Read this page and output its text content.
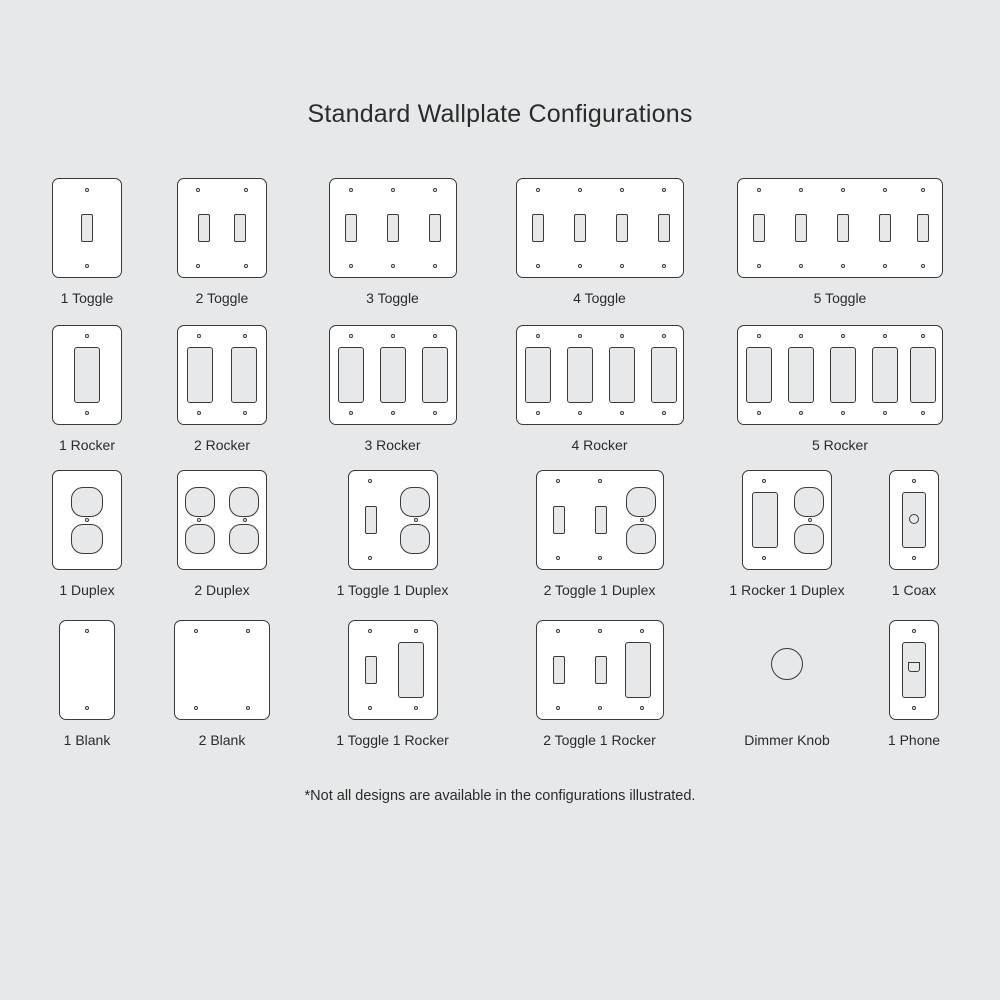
Standard Wallplate Configurations
1 Toggle	2 Toggle	3 Toggle	4 Toggle	5 Toggle
1 Rocker	2 Rocker	3 Rocker	4 Rocker	5 Rocker
1 Duplex	2 Duplex	1 Toggle 1 Duplex	2 Toggle 1 Duplex	1 Rocker 1 Duplex	1 Coax
1 Blank	2 Blank	1 Toggle 1 Rocker	2 Toggle 1 Rocker	Dimmer Knob	1 Phone
*Not all designs are available in the configurations illustrated.
